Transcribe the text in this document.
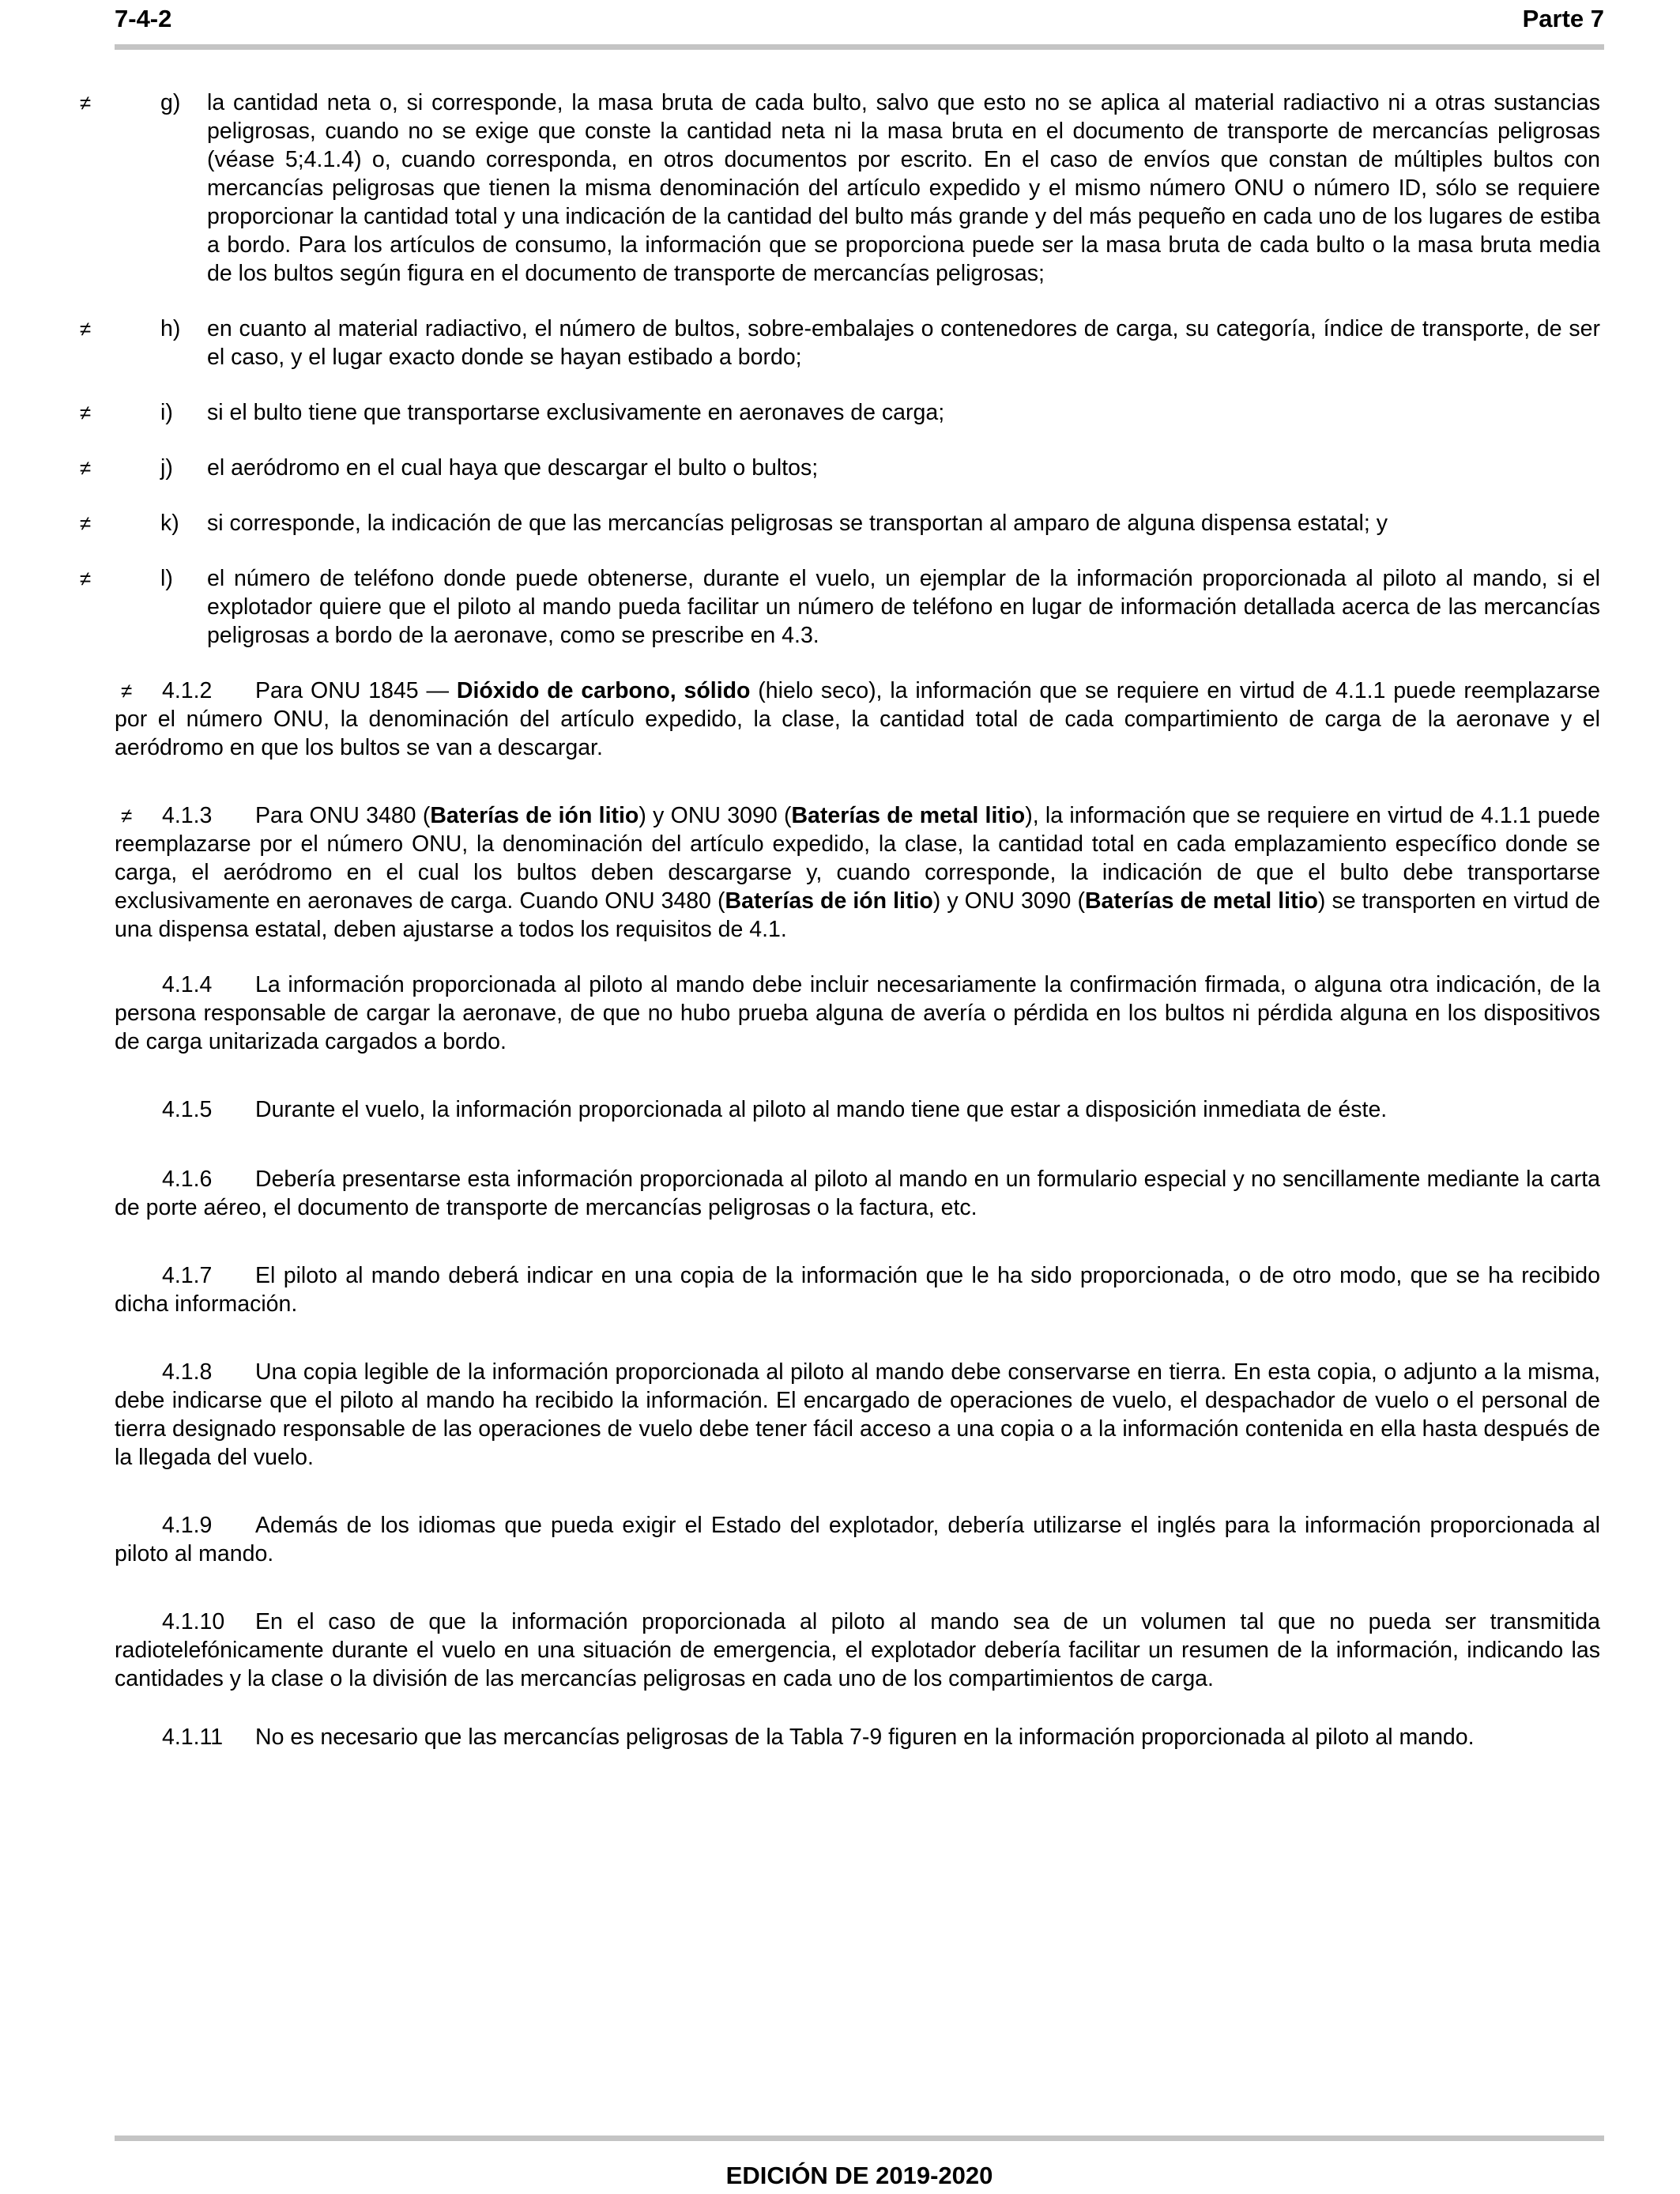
7-4-2	Parte 7
≠	g) la cantidad neta o, si corresponde, la masa bruta de cada bulto, salvo que esto no se aplica al material radiactivo ni a otras sustancias peligrosas, cuando no se exige que conste la cantidad neta ni la masa bruta en el documento de transporte de mercancías peligrosas (véase 5;4.1.4) o, cuando corresponda, en otros documentos por escrito. En el caso de envíos que constan de múltiples bultos con mercancías peligrosas que tienen la misma denominación del artículo expedido y el mismo número ONU o número ID, sólo se requiere proporcionar la cantidad total y una indicación de la cantidad del bulto más grande y del más pequeño en cada uno de los lugares de estiba a bordo. Para los artículos de consumo, la información que se proporciona puede ser la masa bruta de cada bulto o la masa bruta media de los bultos según figura en el documento de transporte de mercancías peligrosas;
≠	h) en cuanto al material radiactivo, el número de bultos, sobre-embalajes o contenedores de carga, su categoría, índice de transporte, de ser el caso, y el lugar exacto donde se hayan estibado a bordo;
≠	i) si el bulto tiene que transportarse exclusivamente en aeronaves de carga;
≠	j) el aeródromo en el cual haya que descargar el bulto o bultos;
≠	k) si corresponde, la indicación de que las mercancías peligrosas se transportan al amparo de alguna dispensa estatal; y
≠	l) el número de teléfono donde puede obtenerse, durante el vuelo, un ejemplar de la información proporcionada al piloto al mando, si el explotador quiere que el piloto al mando pueda facilitar un número de teléfono en lugar de información detallada acerca de las mercancías peligrosas a bordo de la aeronave, como se prescribe en 4.3.
≠ 4.1.2 Para ONU 1845 — Dióxido de carbono, sólido (hielo seco), la información que se requiere en virtud de 4.1.1 puede reemplazarse por el número ONU, la denominación del artículo expedido, la clase, la cantidad total de cada compartimiento de carga de la aeronave y el aeródromo en que los bultos se van a descargar.
≠ 4.1.3 Para ONU 3480 (Baterías de ión litio) y ONU 3090 (Baterías de metal litio), la información que se requiere en virtud de 4.1.1 puede reemplazarse por el número ONU, la denominación del artículo expedido, la clase, la cantidad total en cada emplazamiento específico donde se carga, el aeródromo en el cual los bultos deben descargarse y, cuando corresponde, la indicación de que el bulto debe transportarse exclusivamente en aeronaves de carga. Cuando ONU 3480 (Baterías de ión litio) y ONU 3090 (Baterías de metal litio) se transporten en virtud de una dispensa estatal, deben ajustarse a todos los requisitos de 4.1.
4.1.4 La información proporcionada al piloto al mando debe incluir necesariamente la confirmación firmada, o alguna otra indicación, de la persona responsable de cargar la aeronave, de que no hubo prueba alguna de avería o pérdida en los bultos ni pérdida alguna en los dispositivos de carga unitarizada cargados a bordo.
4.1.5 Durante el vuelo, la información proporcionada al piloto al mando tiene que estar a disposición inmediata de éste.
4.1.6 Debería presentarse esta información proporcionada al piloto al mando en un formulario especial y no sencillamente mediante la carta de porte aéreo, el documento de transporte de mercancías peligrosas o la factura, etc.
4.1.7 El piloto al mando deberá indicar en una copia de la información que le ha sido proporcionada, o de otro modo, que se ha recibido dicha información.
4.1.8 Una copia legible de la información proporcionada al piloto al mando debe conservarse en tierra. En esta copia, o adjunto a la misma, debe indicarse que el piloto al mando ha recibido la información. El encargado de operaciones de vuelo, el despachador de vuelo o el personal de tierra designado responsable de las operaciones de vuelo debe tener fácil acceso a una copia o a la información contenida en ella hasta después de la llegada del vuelo.
4.1.9 Además de los idiomas que pueda exigir el Estado del explotador, debería utilizarse el inglés para la información proporcionada al piloto al mando.
4.1.10 En el caso de que la información proporcionada al piloto al mando sea de un volumen tal que no pueda ser transmitida radiotelefónicamente durante el vuelo en una situación de emergencia, el explotador debería facilitar un resumen de la información, indicando las cantidades y la clase o la división de las mercancías peligrosas en cada uno de los compartimientos de carga.
4.1.11 No es necesario que las mercancías peligrosas de la Tabla 7-9 figuren en la información proporcionada al piloto al mando.
EDICIÓN DE 2019-2020
